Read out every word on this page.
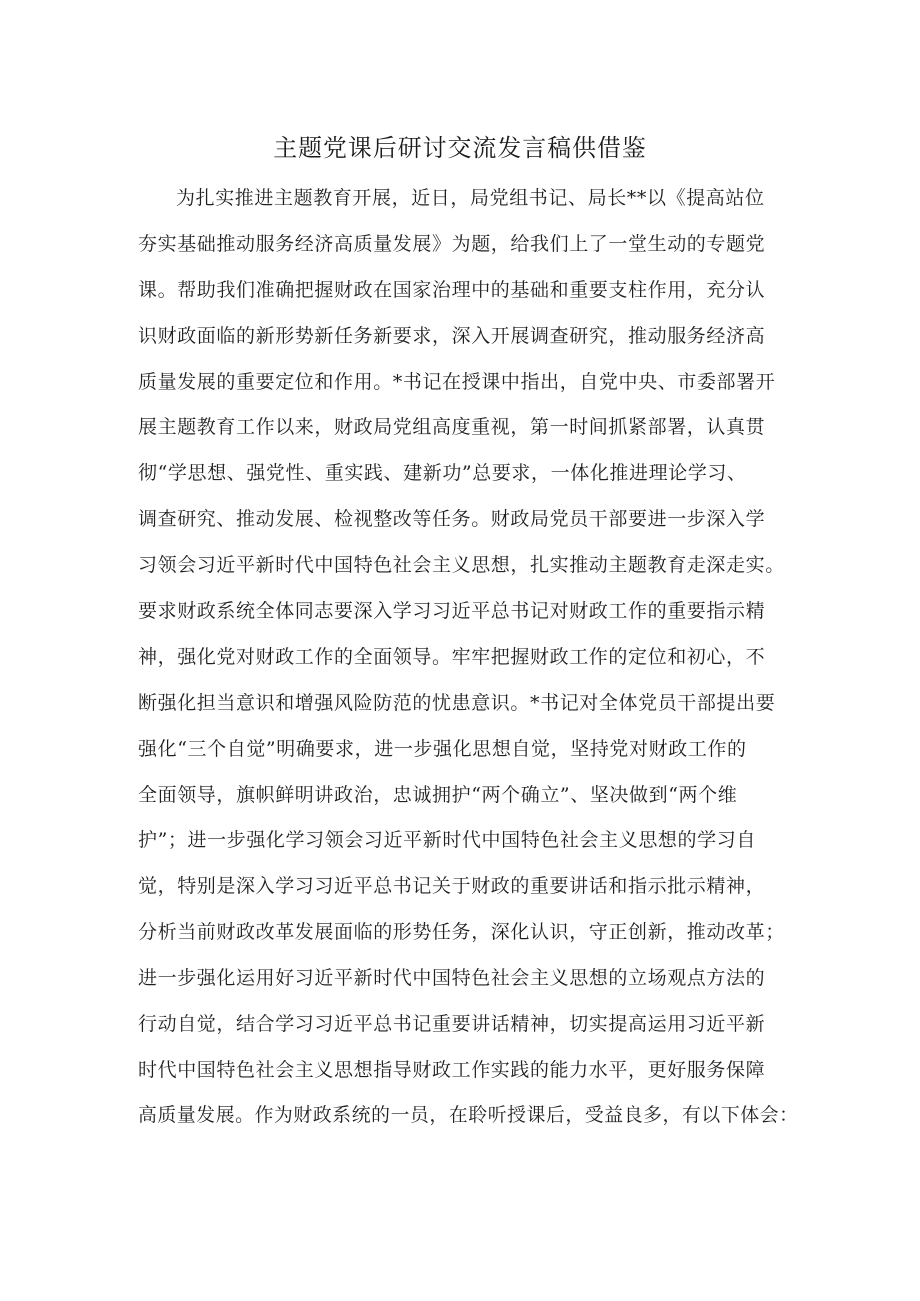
主题党课后研讨交流发言稿供借鉴
为扎实推进主题教育开展，近日，局党组书记、局长**以《提高站位
夯实基础推动服务经济高质量发展》为题，给我们上了一堂生动的专题党
课。帮助我们准确把握财政在国家治理中的基础和重要支柱作用，充分认
识财政面临的新形势新任务新要求，深入开展调查研究，推动服务经济高
质量发展的重要定位和作用。*书记在授课中指出，自党中央、市委部署开
展主题教育工作以来，财政局党组高度重视，第一时间抓紧部署，认真贯
彻“学思想、强党性、重实践、建新功”总要求，一体化推进理论学习、
调查研究、推动发展、检视整改等任务。财政局党员干部要进一步深入学
习领会习近平新时代中国特色社会主义思想，扎实推动主题教育走深走实。
要求财政系统全体同志要深入学习习近平总书记对财政工作的重要指示精
神，强化党对财政工作的全面领导。牢牢把握财政工作的定位和初心，不
断强化担当意识和增强风险防范的忧患意识。*书记对全体党员干部提出要
强化“三个自觉”明确要求，进一步强化思想自觉，坚持党对财政工作的
全面领导，旗帜鲜明讲政治，忠诚拥护“两个确立”、坚决做到“两个维
护”；进一步强化学习领会习近平新时代中国特色社会主义思想的学习自
觉，特别是深入学习习近平总书记关于财政的重要讲话和指示批示精神，
分析当前财政改革发展面临的形势任务，深化认识，守正创新，推动改革；
进一步强化运用好习近平新时代中国特色社会主义思想的立场观点方法的
行动自觉，结合学习习近平总书记重要讲话精神，切实提高运用习近平新
时代中国特色社会主义思想指导财政工作实践的能力水平，更好服务保障
高质量发展。作为财政系统的一员，在聆听授课后，受益良多，有以下体会：
